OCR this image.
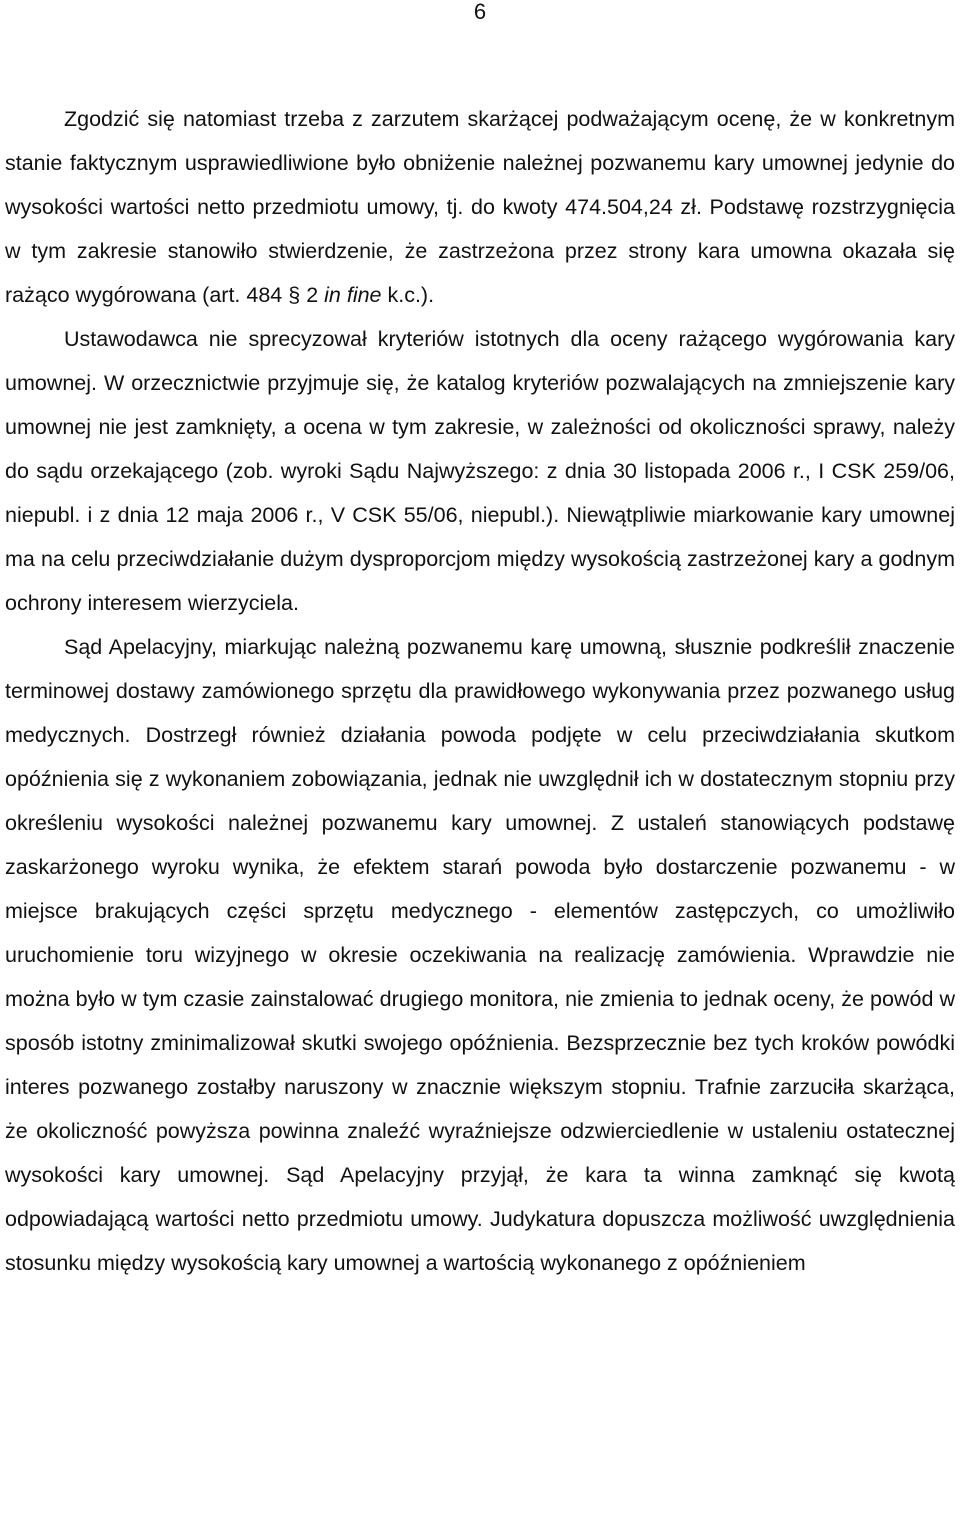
6

Zgodzić się natomiast trzeba z zarzutem skarżącej podważającym ocenę, że w konkretnym stanie faktycznym usprawiedliwione było obniżenie należnej pozwanemu kary umownej jedynie do wysokości wartości netto przedmiotu umowy, tj. do kwoty 474.504,24 zł. Podstawę rozstrzygnięcia w tym zakresie stanowiło stwierdzenie, że zastrzeżona przez strony kara umowna okazała się rażąco wygórowana (art. 484 § 2 in fine k.c.).

Ustawodawca nie sprecyzował kryteriów istotnych dla oceny rażącego wygórowania kary umownej. W orzecznictwie przyjmuje się, że katalog kryteriów pozwalających na zmniejszenie kary umownej nie jest zamknięty, a ocena w tym zakresie, w zależności od okoliczności sprawy, należy do sądu orzekającego (zob. wyroki Sądu Najwyższego: z dnia 30 listopada 2006 r., I CSK 259/06, niepubl. i z dnia 12 maja 2006 r., V CSK 55/06, niepubl.). Niewątpliwie miarkowanie kary umownej ma na celu przeciwdziałanie dużym dysproporcjom między wysokością zastrzeżonej kary a godnym ochrony interesem wierzyciela.

Sąd Apelacyjny, miarkując należną pozwanemu karę umowną, słusznie podkreślił znaczenie terminowej dostawy zamówionego sprzętu dla prawidłowego wykonywania przez pozwanego usług medycznych. Dostrzegł również działania powoda podjęte w celu przeciwdziałania skutkom opóźnienia się z wykonaniem zobowiązania, jednak nie uwzględnił ich w dostatecznym stopniu przy określeniu wysokości należnej pozwanemu kary umownej. Z ustaleń stanowiących podstawę zaskarżonego wyroku wynika, że efektem starań powoda było dostarczenie pozwanemu - w miejsce brakujących części sprzętu medycznego - elementów zastępczych, co umożliwiło uruchomienie toru wizyjnego w okresie oczekiwania na realizację zamówienia. Wprawdzie nie można było w tym czasie zainstalować drugiego monitora, nie zmienia to jednak oceny, że powód w sposób istotny zminimalizował skutki swojego opóźnienia. Bezsprzecznie bez tych kroków powódki interes pozwanego zostałby naruszony w znacznie większym stopniu. Trafnie zarzuciła skarżąca, że okoliczność powyższa powinna znaleźć wyraźniejsze odzwierciedlenie w ustaleniu ostatecznej wysokości kary umownej. Sąd Apelacyjny przyjął, że kara ta winna zamknąć się kwotą odpowiadającą wartości netto przedmiotu umowy. Judykatura dopuszcza możliwość uwzględnienia stosunku między wysokością kary umownej a wartością wykonanego z opóźnieniem
